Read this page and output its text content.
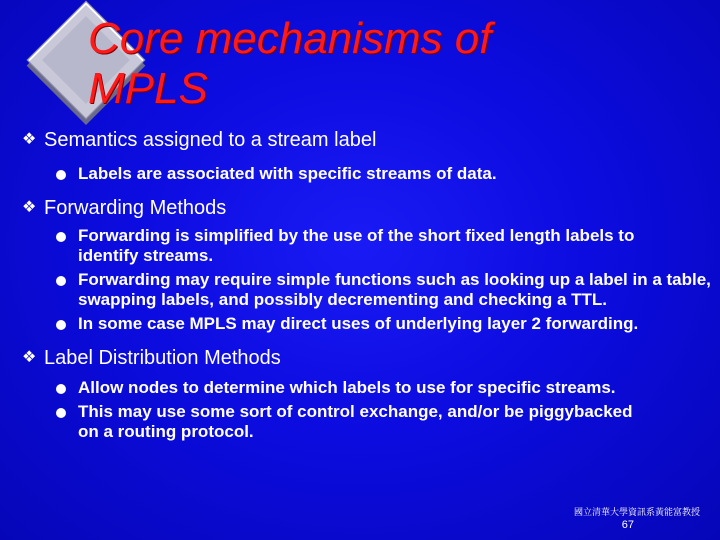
Core mechanisms of
MPLS

❖ Semantics assigned to a stream label

Labels are associated with specific streams of data.

❖ Forwarding Methods

Forwarding is simplified by the use of the short fixed length labels to identify streams.

Forwarding may require simple functions such as looking up a label in a table, swapping labels, and possibly decrementing and checking a TTL.

In some case MPLS may direct uses of underlying layer 2 forwarding.

❖ Label Distribution Methods

Allow nodes to determine which labels to use for specific streams.

This may use some sort of control exchange, and/or be piggybacked on a routing protocol.

國立清華大學資訊系黃能富教授
67
